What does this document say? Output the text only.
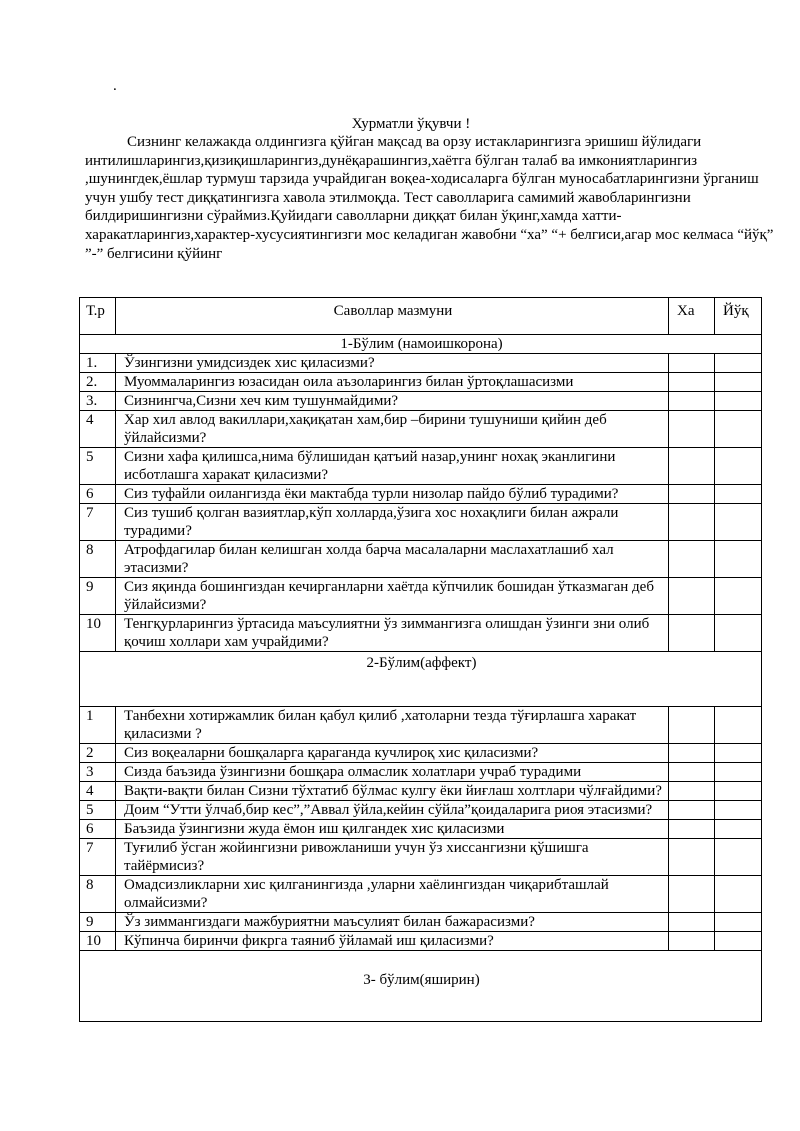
.
Хурматли ўқувчи !

Сизнинг келажакда олдингизга қўйган мақсад ва орзу истакларингизга эришиш йўлидаги интилишларингиз,қизиқишларингиз,дунёқарашингиз,хаётга бўлган талаб ва имкониятларингиз ,шунингдек,ёшлар турмуш тарзида учрайдиган воқеа-ходисаларга бўлган муносабатларингизни ўрганиш учун ушбу тест диққатингизга хавола этилмоқда. Тест саволларига самимий жавобларингизни билдиришингизни сўраймиз.Қуйидаги саволларни диққат билан ўқинг,хамда хатти-харакатларингиз,характер-хусусиятингизги мос келадиган жавобни “ха” “+ белгиси,агар мос келмаса “йўқ” ”-” белгисини қўйинг

Т.р	Саволлар мазмуни	Ха	Йўқ
1-Бўлим (намоишкорона)			
1.	Ўзингизни умидсиздек хис қиласизми?		
2.	Муоммаларингиз юзасидан оила аъзоларингиз билан ўртоқлашасизми		
3.	Сизнингча,Сизни хеч ким тушунмайдими?		
4	Хар хил авлод вакиллари,хақиқатан хам,бир –бирини тушуниши қийин деб ўйлайсизми?		
5	Сизни хафа қилишса,нима бўлишидан қатъий назар,унинг нохақ эканлигини исботлашга харакат қиласизми?		
6	Сиз туфайли оилангизда ёки мактабда турли низолар пайдо бўлиб турадими?		
7	Сиз тушиб қолган вазиятлар,кўп холларда,ўзига хос нохақлиги билан ажрали турадими?		
8	Атрофдагилар билан келишган холда барча масалаларни маслахатлашиб хал этасизми?		
9	Сиз яқинда бошингиздан кечирганларни хаётда кўпчилик бошидан ўтказмаган деб ўйлайсизми?		
10	Тенгқурларингиз ўртасида маъсулиятни ўз зиммангизга олишдан ўзинги зни олиб қочиш холлари хам учрайдими?		
2-Бўлим(аффект)			
1	Танбехни хотиржамлик билан қабул қилиб ,хатоларни тезда тўғирлашга харакат қиласизми ?		
2	Сиз воқеаларни бошқаларга қараганда кучлироқ хис қиласизми?		
3	Сизда баъзида ўзингизни бошқара олмаслик холатлари учраб турадими		
4	Вақти-вақти билан Сизни тўхтатиб бўлмас кулгу ёки йиғлаш холтлари чўлғайдими?		
5	Доим “Утти ўлчаб,бир кес”,”Аввал ўйла,кейин сўйла”қоидаларига риоя этасизми?		
6	Баъзида ўзингизни жуда ёмон иш қилгандек хис қиласизми		
7	Туғилиб ўсган жойингизни ривожланиши учун ўз хиссангизни қўшишга тайёрмисиз?		
8	Омадсизликларни хис қилганингизда ,уларни хаёлингиздан чиқарибташлай олмайсизми?		
9	Ўз зиммангиздаги мажбуриятни маъсулият билан бажарасизми?		
10	Кўпинча биринчи фикрга таяниб ўйламай иш қиласизми?		
3- бўлим(яширин)			
